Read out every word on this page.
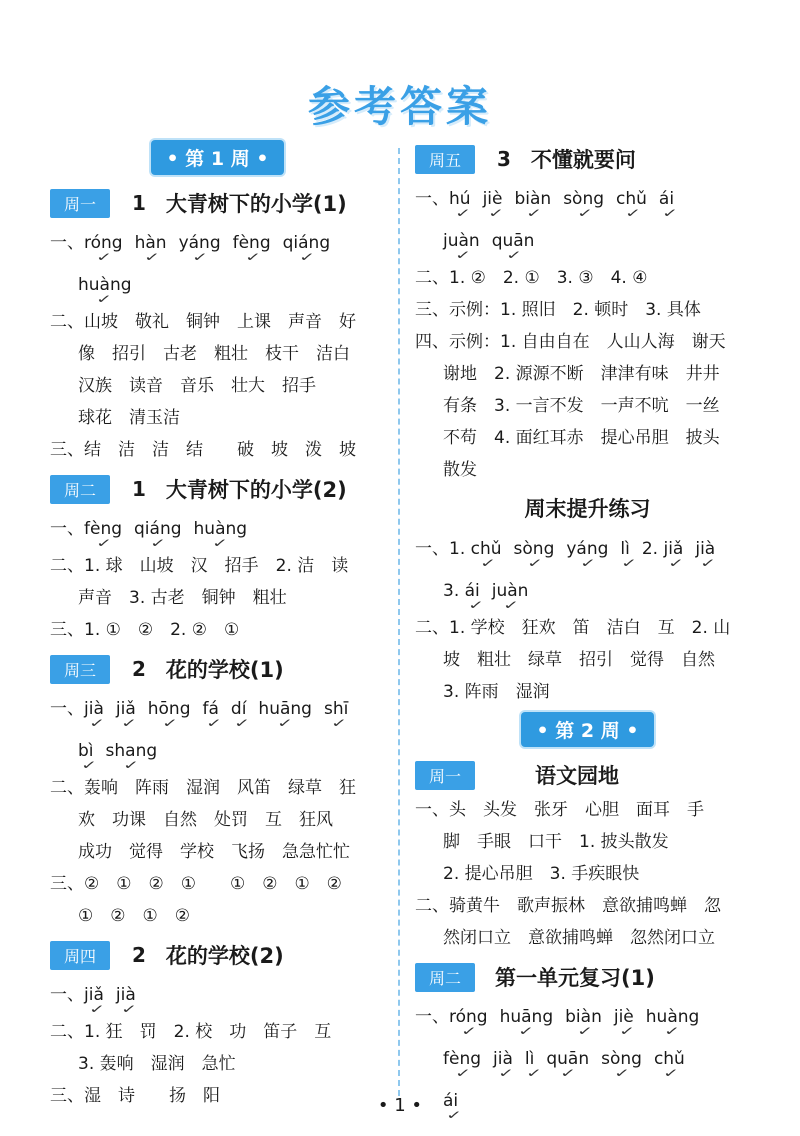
参考答案
• 第 1 周 •
周一	1 大青树下的小学(1)
一、róng ✓ hàn ✓ yáng ✓ fèng ✓ qiáng ✓
huàng ✓
二、山坡　敬礼　铜钟　上课　声音　好
像　招引　古老　粗壮　枝干　洁白
汉族　读音　音乐　壮大　招手
球花　清玉洁
三、结　洁　洁　结　　破　坡　泼　坡
周二	1 大青树下的小学(2)
一、fèng ✓ qiáng ✓ huàng ✓
二、1. 球　山坡　汉　招手　2. 洁　读
声音　3. 古老　铜钟　粗壮
三、1. ①　②　2. ②　①
周三	2 花的学校(1)
一、jià ✓ jiǎ ✓ hōng ✓ fá ✓ dí ✓ huāng ✓ shī ✓
bì ✓ shang ✓
二、轰响　阵雨　湿润　风笛　绿草　狂
欢　功课　自然　处罚　互　狂风
成功　觉得　学校　飞扬　急急忙忙
三、②　①　②　①　　①　②　①　②
①　②　①　②
周四	2 花的学校(2)
一、jiǎ ✓ jià ✓
二、1. 狂　罚　2. 校　功　笛子　互
3. 轰响　湿润　急忙
三、湿　诗　　扬　阳
周五	3 不懂就要问
一、hú ✓ jiè ✓ biàn ✓ sòng ✓ chǔ ✓ ái ✓
juàn ✓ quān ✓
二、1. ②　2. ①　3. ③　4. ④
三、示例：1. 照旧　2. 顿时　3. 具体
四、示例：1. 自由自在　人山人海　谢天
谢地　2. 源源不断　津津有味　井井
有条　3. 一言不发　一声不吭　一丝
不苟　4. 面红耳赤　提心吊胆　披头
散发
周末提升练习
一、1. chǔ ✓ sòng ✓ yáng ✓ lì ✓ 2. jiǎ ✓ jià ✓
3. ái ✓ juàn ✓
二、1. 学校　狂欢　笛　洁白　互　2. 山
坡　粗壮　绿草　招引　觉得　自然
3. 阵雨　湿润
• 第 2 周 •
周一	语文园地
一、头　头发　张牙　心胆　面耳　手
脚　手眼　口干　1. 披头散发
2. 提心吊胆　3. 手疾眼快
二、骑黄牛　歌声振林　意欲捕鸣蝉　忽
然闭口立　意欲捕鸣蝉　忽然闭口立
周二	第一单元复习(1)
一、róng ✓ huāng ✓ biàn ✓ jiè ✓ huàng ✓
fèng ✓ jià ✓ lì ✓ quān ✓ sòng ✓ chǔ ✓
ái ✓
• 1 •
